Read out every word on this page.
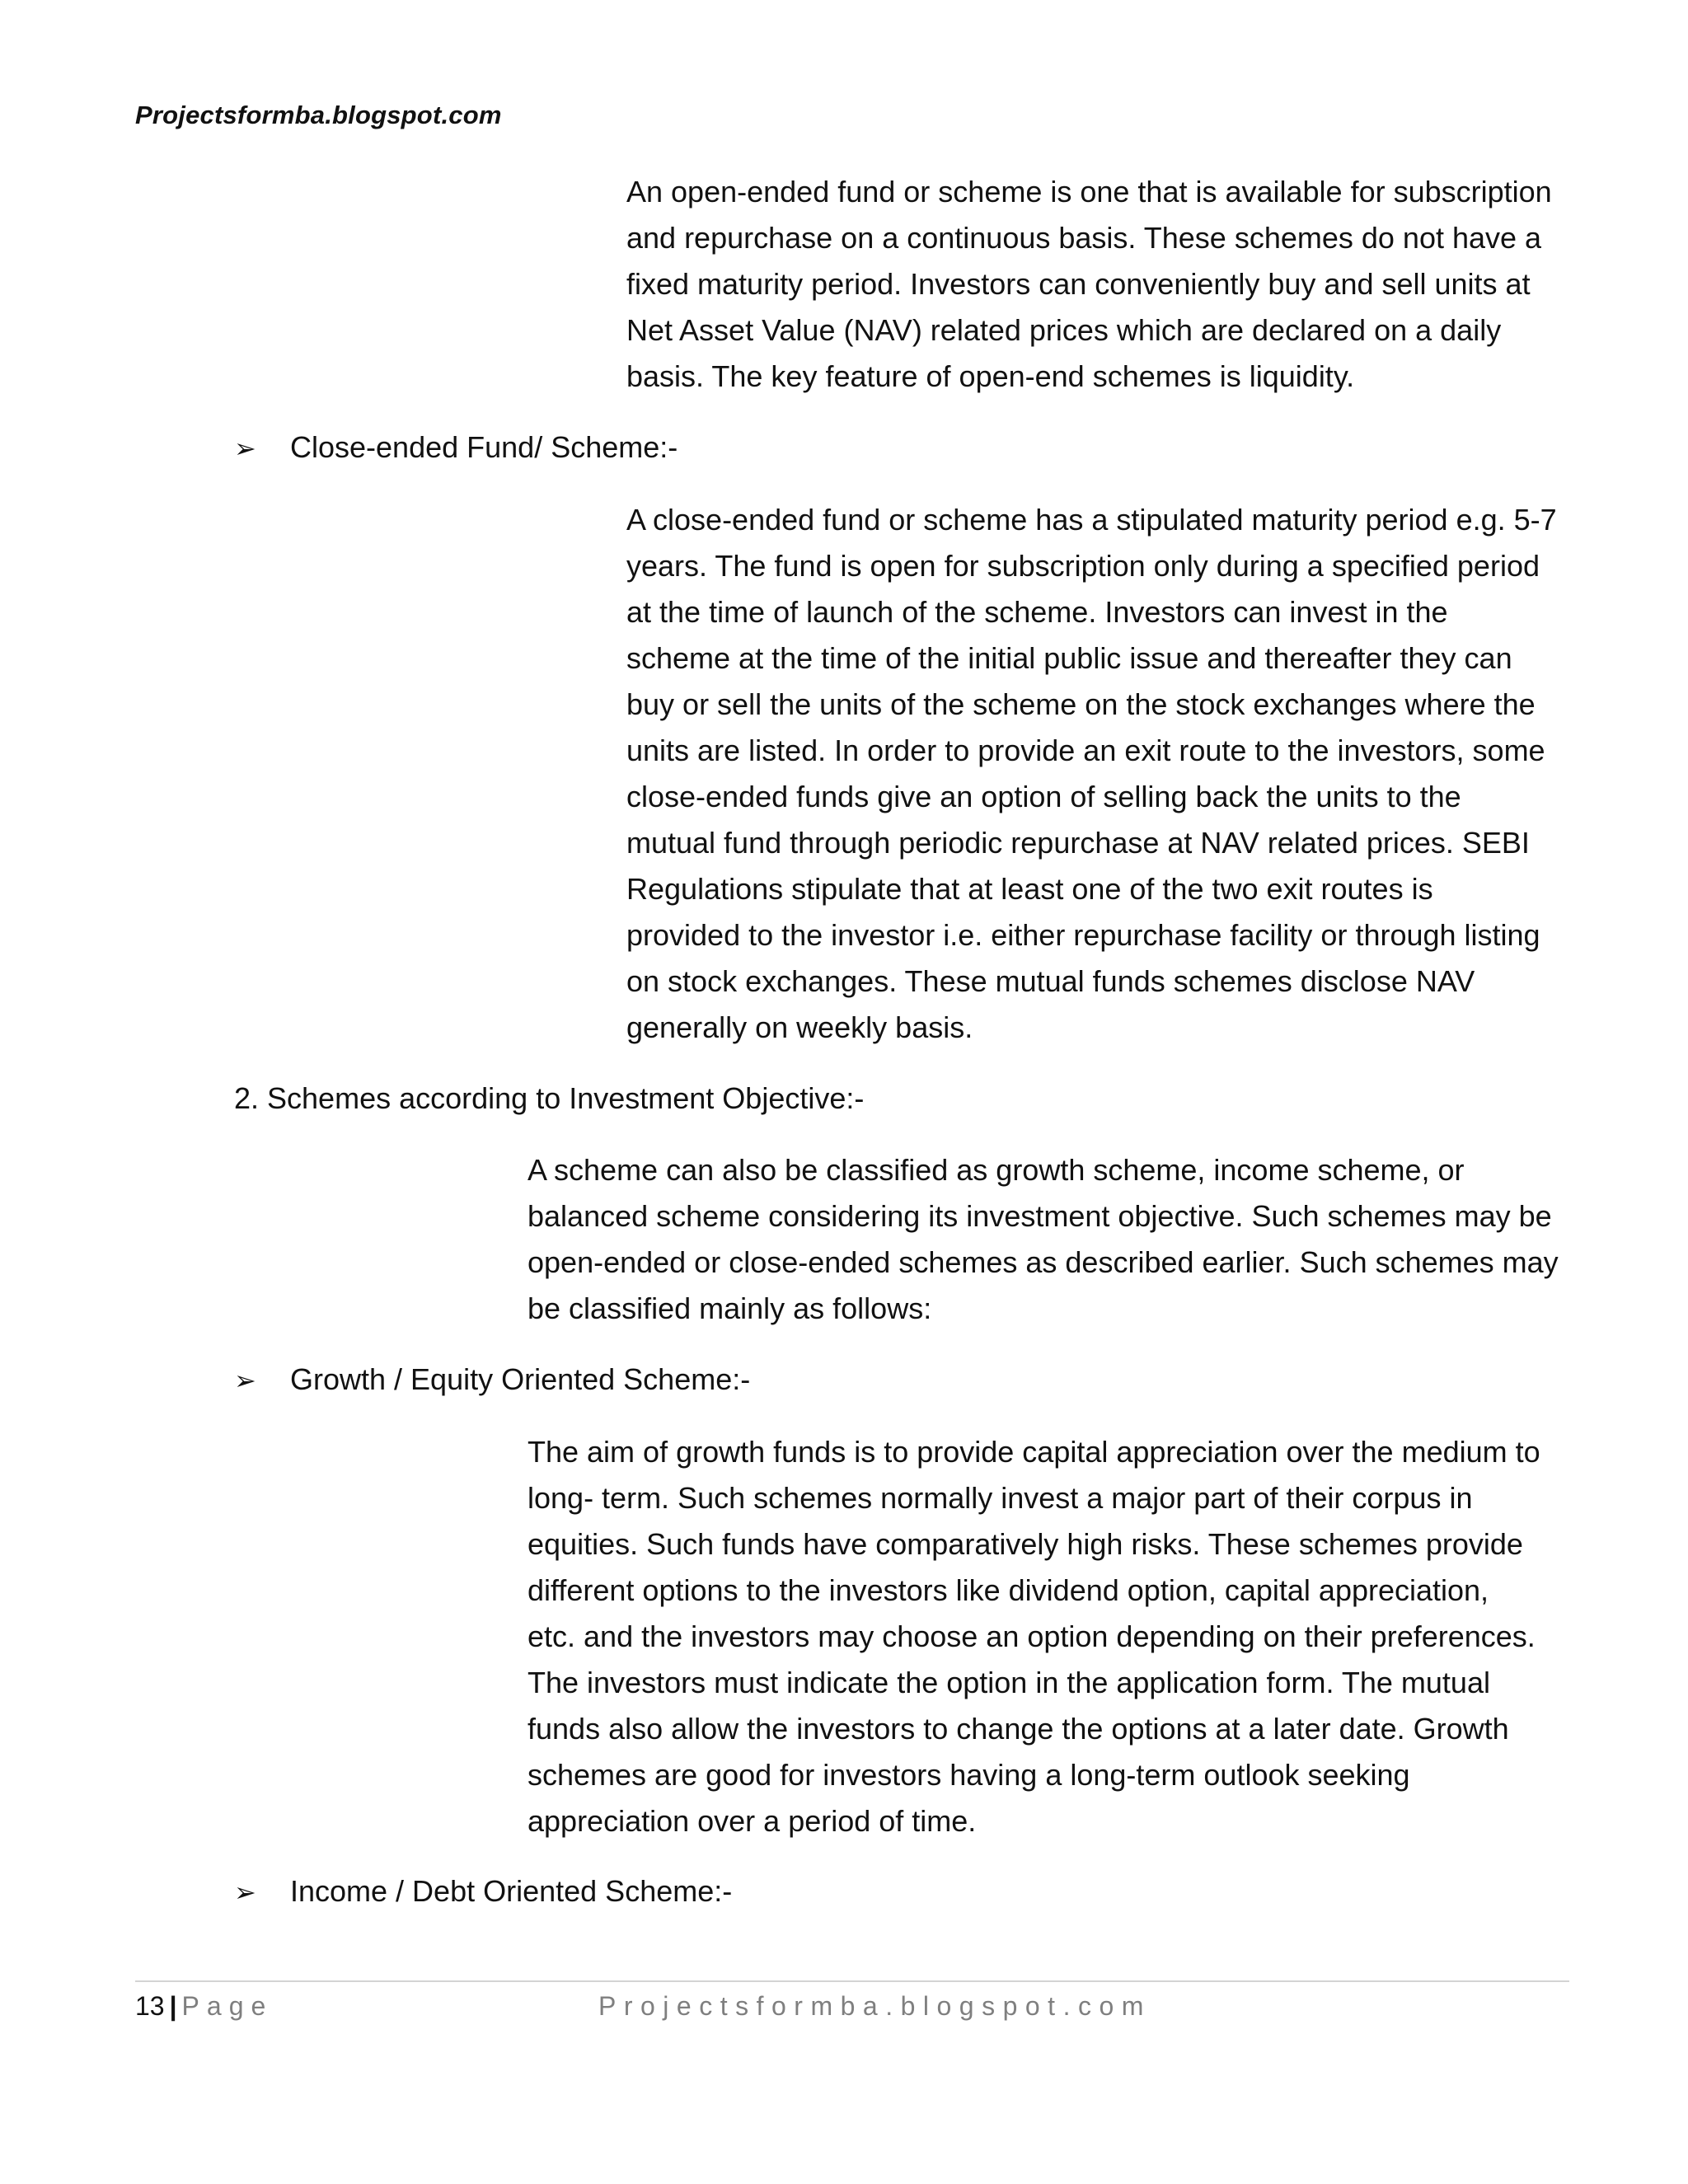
Projectsformba.blogspot.com
An open-ended fund or scheme is one that is available for subscription
and repurchase on a continuous basis. These schemes do not have a
fixed maturity period. Investors can conveniently buy and sell units at
Net Asset Value (NAV) related prices which are declared on a daily
basis. The key feature of open-end schemes is liquidity.
➢ Close-ended Fund/ Scheme:-
A close-ended fund or scheme has a stipulated maturity period e.g. 5-7
years. The fund is open for subscription only during a specified period
at the time of launch of the scheme. Investors can invest in the
scheme at the time of the initial public issue and thereafter they can
buy or sell the units of the scheme on the stock exchanges where the
units are listed. In order to provide an exit route to the investors, some
close-ended funds give an option of selling back the units to the
mutual fund through periodic repurchase at NAV related prices. SEBI
Regulations stipulate that at least one of the two exit routes is
provided to the investor i.e. either repurchase facility or through listing
on stock exchanges. These mutual funds schemes disclose NAV
generally on weekly basis.
2. Schemes according to Investment Objective:-
A scheme can also be classified as growth scheme, income scheme, or
balanced scheme considering its investment objective. Such schemes may be
open-ended or close-ended schemes as described earlier. Such schemes may
be classified mainly as follows:
➢ Growth / Equity Oriented Scheme:-
The aim of growth funds is to provide capital appreciation over the medium to
long- term. Such schemes normally invest a major part of their corpus in
equities. Such funds have comparatively high risks. These schemes provide
different options to the investors like dividend option, capital appreciation,
etc. and the investors may choose an option depending on their preferences.
The investors must indicate the option in the application form. The mutual
funds also allow the investors to change the options at a later date. Growth
schemes are good for investors having a long-term outlook seeking
appreciation over a period of time.
➢ Income / Debt Oriented Scheme:-
13 | Page	Projectsformba.blogspot.com
